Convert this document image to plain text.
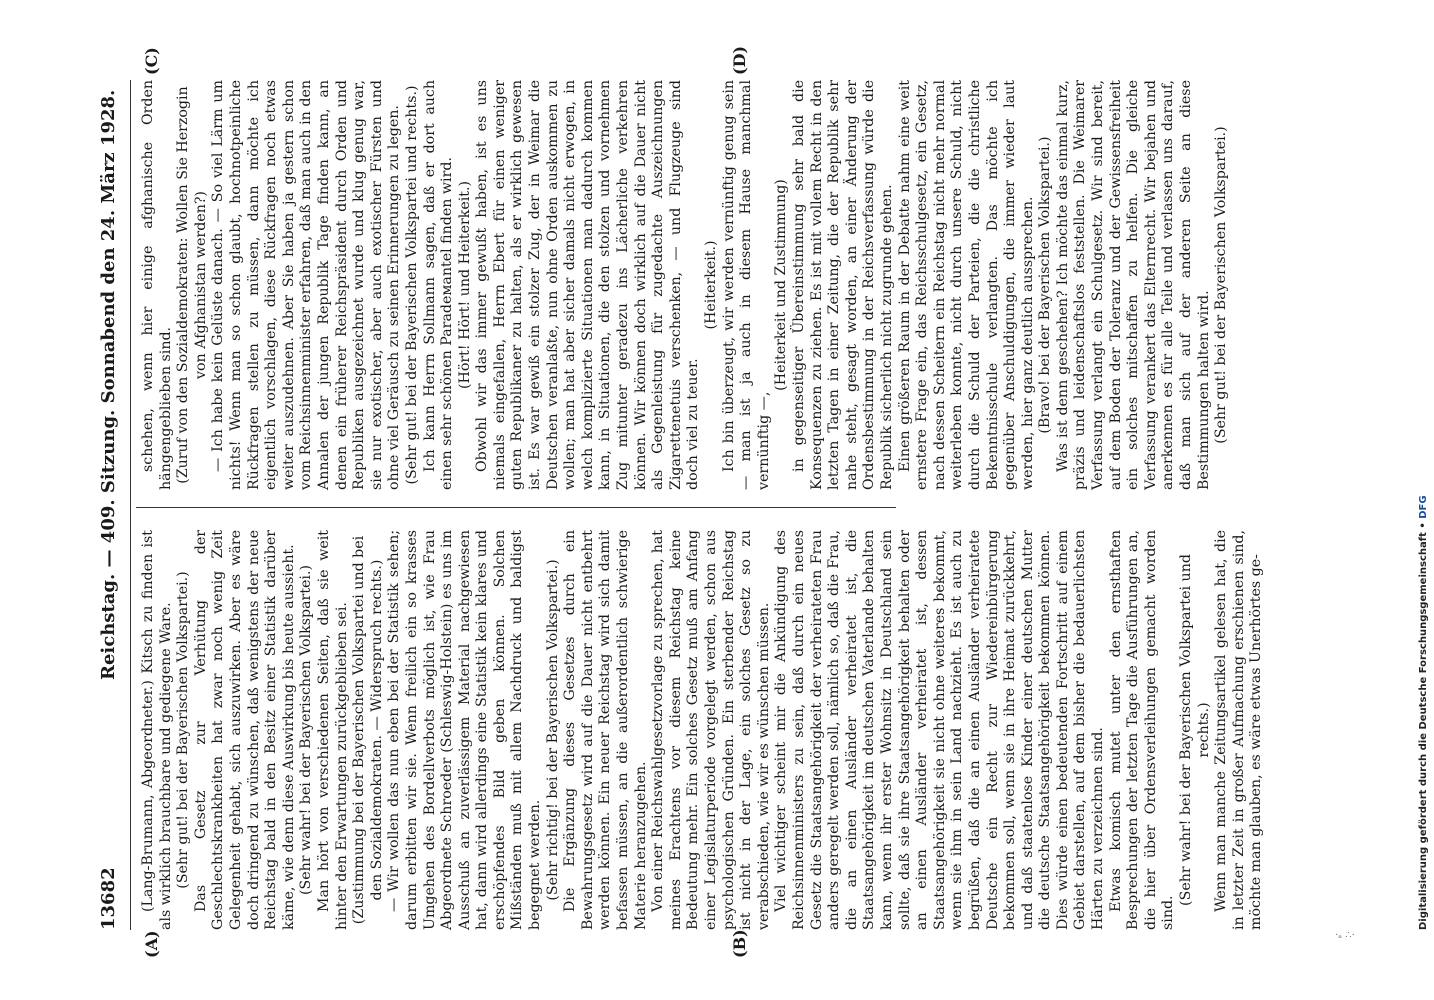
13682
Reichstag. — 409. Sitzung. Sonnabend den 24. März 1928.

(Lang-Brumann, Abgeordneter.) Kitsch zu finden ist als wirklich brauchbare und gediegene Ware. (Sehr gut! bei der Bayerischen Volkspartei.) Das Gesetz zur Verhütung der Geschlechtskrankheiten hat zwar noch wenig Zeit Gelegenheit gehabt, sich auszuwirken. Aber es wäre doch dringend zu wünschen, daß wenigstens der neue Reichstag bald in den Besitz einer Statistik darüber käme, wie denn diese Auswirkung bis heute aussieht. (Sehr wahr! bei der Bayerischen Volkspartei.) Man hört von verschiedenen Seiten, daß sie weit hinter den Erwartungen zurückgeblieben sei. (Zustimmung bei der Bayerischen Volkspartei und bei den Sozialdemokraten. — Widerspruch rechts.) — Wir wollen das nun eben bei der Statistik sehen; darum erbitten wir sie. Wenn freilich ein so krasses Umgehen des Bordellverbots möglich ist, wie Frau Abgeordnete Schroeder (Schleswig-Holstein) es uns im Ausschuß an zuverlässigem Material nachgewiesen hat, dann wird allerdings eine Statistik kein klares und erschöpfendes Bild geben können. Solchen Mißständen muß mit allem Nachdruck und baldigst begegnet werden. (Sehr richtig! bei der Bayerischen Volkspartei.) Die Ergänzung dieses Gesetzes durch ein Bewahrungsgesetz wird auf die Dauer nicht entbehrt werden können. Ein neuer Reichstag wird sich damit befassen müssen, an die außerordentlich schwierige Materie heranzugehen. Von einer Reichswahlgesetzvorlage zu sprechen, hat meines Erachtens vor diesem Reichstag keine Bedeutung mehr. Ein solches Gesetz muß am Anfang einer Legislaturperiode vorgelegt werden, schon aus psychologischen Gründen. Ein sterbender Reichstag ist nicht in der Lage, ein solches Gesetz so zu verabschieden, wie wir es wünschen müssen. Viel wichtiger scheint mir die Ankündigung des Reichsinnenministers zu sein, daß durch ein neues Gesetz die Staatsangehörigkeit der verheirateten Frau anders geregelt werden soll, nämlich so, daß die Frau, die an einen Ausländer verheiratet ist, die Staatsangehörigkeit im deutschen Vaterlande behalten kann, wenn ihr erster Wohnsitz in Deutschland sein sollte, daß sie ihre Staatsangehörigkeit behalten oder an einen Ausländer verheiratet ist, dessen Staatsangehörigkeit sie nicht ohne weiteres bekommt, wenn sie ihm in sein Land nachzieht. Es ist auch zu begrüßen, daß die an einen Ausländer verheiratete Deutsche ein Recht zur Wiedereinbürgerung bekommen soll, wenn sie in ihre Heimat zurückkehrt, und daß staatenlose Kinder einer deutschen Mutter die deutsche Staatsangehörigkeit bekommen können. Dies würde einen bedeutenden Fortschritt auf einem Gebiet darstellen, auf dem bisher die bedauerlichsten Härten zu verzeichnen sind. Etwas komisch mutet unter den ernsthaften Besprechungen der letzten Tage die Ausführungen an, die hier über Ordensverleihungen gemacht worden sind.

(Sehr wahr! bei der Bayerischen Volkspartei und rechts.) Wenn man manche Zeitungsartikel gelesen hat, die in letzter Zeit in großer Aufmachung erschienen sind, möchte man glauben, es wäre etwas Unerhörtes ge-

schehen, wenn hier einige afghanische Orden hängengeblieben sind. (Zuruf von den Sozialdemokraten: Wollen Sie Herzogin von Afghanistan werden?) — Ich habe kein Gelüste danach. — So viel Lärm um nichts! Wenn man so schon glaubt, hochnotpeinliche Rückfragen stellen zu müssen, dann möchte ich eigentlich vorschlagen, diese Rückfragen noch etwas weiter auszudehnen. Aber Sie haben ja gestern schon vom Reichsinnenminister erfahren, daß man auch in den Annalen der jungen Republik Tage finden kann, an denen ein früherer Reichspräsident durch Orden und Republiken ausgezeichnet wurde und klug genug war, sie nur exotischer, aber auch exotischer Fürsten und ohne viel Geräusch zu seinen Erinnerungen zu legen. (Sehr gut! bei der Bayerischen Volkspartei und rechts.) Ich kann Herrn Sollmann sagen, daß er dort auch einen sehr schönen Paradeмantel finden wird. (Hört! Hört! und Heiterkeit.) Obwohl wir das immer gewußt haben, ist es uns niemals eingefallen, Herrn Ebert für einen weniger guten Republikaner zu halten, als er wirklich gewesen ist. Es war gewiß ein stolzer Zug, der in Weimar die Deutschen veranlaßte, nun ohne Orden auskommen zu wollen; man hat aber sicher damals nicht erwogen, in welch komplizierte Situationen man dadurch kommen kann, in Situationen, die den stolzen und vornehmen Zug mitunter geradezu ins Lächerliche verkehren können. Wir können doch wirklich auf die Dauer nicht als Gegenleistung für zugedachte Auszeichnungen Zigarettenetuis verschenken, — und Flugzeuge sind doch viel zu teuer.

(Heiterkeit.) Ich bin überzeugt, wir werden vernünftig genug sein — man ist ja auch in diesem Hause manchmal vernünftig —,

(Heiterkeit und Zustimmung) in gegenseitiger Übereinstimmung sehr bald die Konsequenzen zu ziehen. Es ist mit vollem Recht in den letzten Tagen in einer Zeitung, die der Republik sehr nahe steht, gesagt worden, an einer Änderung der Ordensbestimmung in der Reichsverfassung würde die Republik sicherlich nicht zugrunde gehen. Einen größeren Raum in der Debatte nahm eine weit ernstere Frage ein, das Reichsschulgesetz, ein Gesetz, nach dessen Scheitern ein Reichstag nicht mehr normal weiterleben konnte, nicht durch unsere Schuld, nicht durch die Schuld der Parteien, die die christliche Bekenntnisschule verlangten. Das möchte ich gegenüber Anschuldigungen, die immer wieder laut werden, hier ganz deutlich aussprechen. (Bravo! bei der Bayerischen Volkspartei.) Was ist denn geschehen? Ich möchte das einmal kurz, präzis und leidenschaftslos feststellen. Die Weimarer Verfassung verlangt ein Schulgesetz. Wir sind bereit, auf dem Boden der Toleranz und der Gewissensfreiheit ein solches mitschaffen zu helfen. Die gleiche Verfassung verankert das Elternrecht. Wir bejahen und anerkennen es für alle Teile und verlassen uns darauf, daß man sich auf der anderen Seite an diese Bestimmungen halten wird. (Sehr gut! bei der Bayerischen Volkspartei.)

(A)	(B)
(C)	(D)
Digitalisierung gefördert durch die Deutsche Forschungsgemeinschaft • DFG
·ₐ ∴·
